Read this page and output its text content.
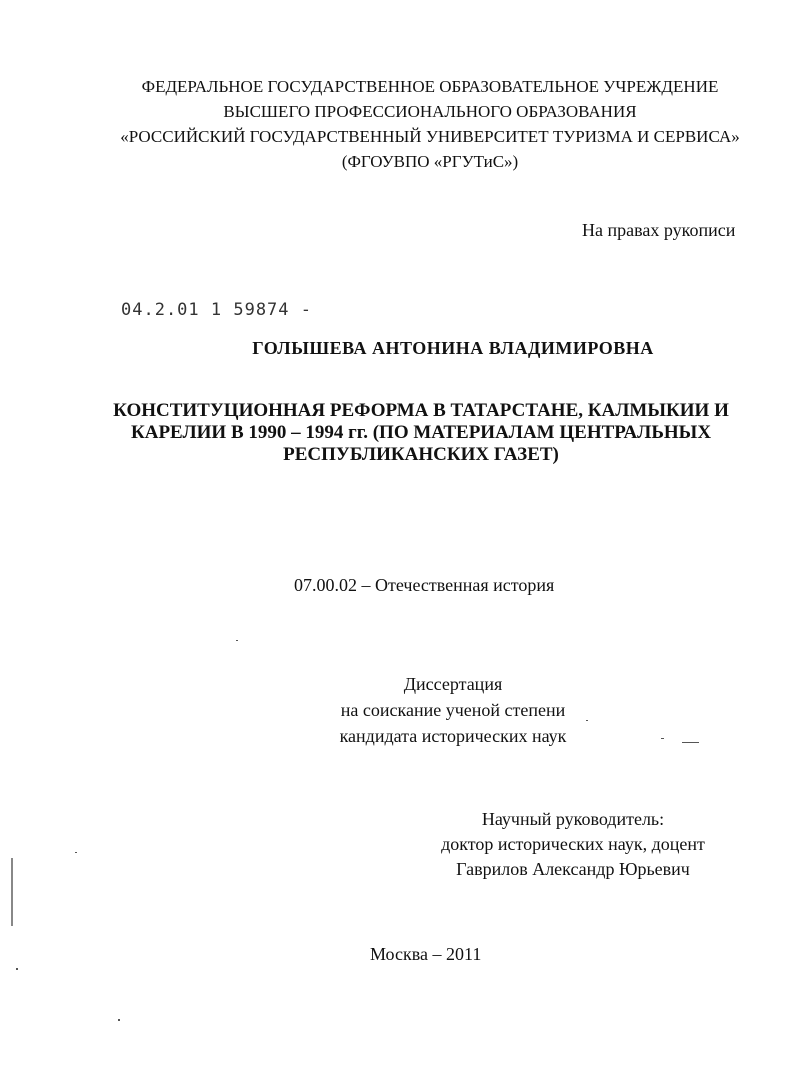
ФЕДЕРАЛЬНОЕ ГОСУДАРСТВЕННОЕ ОБРАЗОВАТЕЛЬНОЕ УЧРЕЖДЕНИЕ
ВЫСШЕГО ПРОФЕССИОНАЛЬНОГО ОБРАЗОВАНИЯ
«РОССИЙСКИЙ ГОСУДАРСТВЕННЫЙ УНИВЕРСИТЕТ ТУРИЗМА И СЕРВИСА»
(ФГОУВПО «РГУТиС»)
На правах рукописи
04.2.01 1 59874 -
ГОЛЫШЕВА АНТОНИНА ВЛАДИМИРОВНА
КОНСТИТУЦИОННАЯ РЕФОРМА В ТАТАРСТАНЕ, КАЛМЫКИИ И
КАРЕЛИИ В 1990 – 1994 гг. (ПО МАТЕРИАЛАМ ЦЕНТРАЛЬНЫХ
РЕСПУБЛИКАНСКИХ ГАЗЕТ)
07.00.02 – Отечественная история
Диссертация
на соискание ученой степени
кандидата исторических наук
Научный руководитель:
доктор исторических наук, доцент
Гаврилов Александр Юрьевич
Москва – 2011
